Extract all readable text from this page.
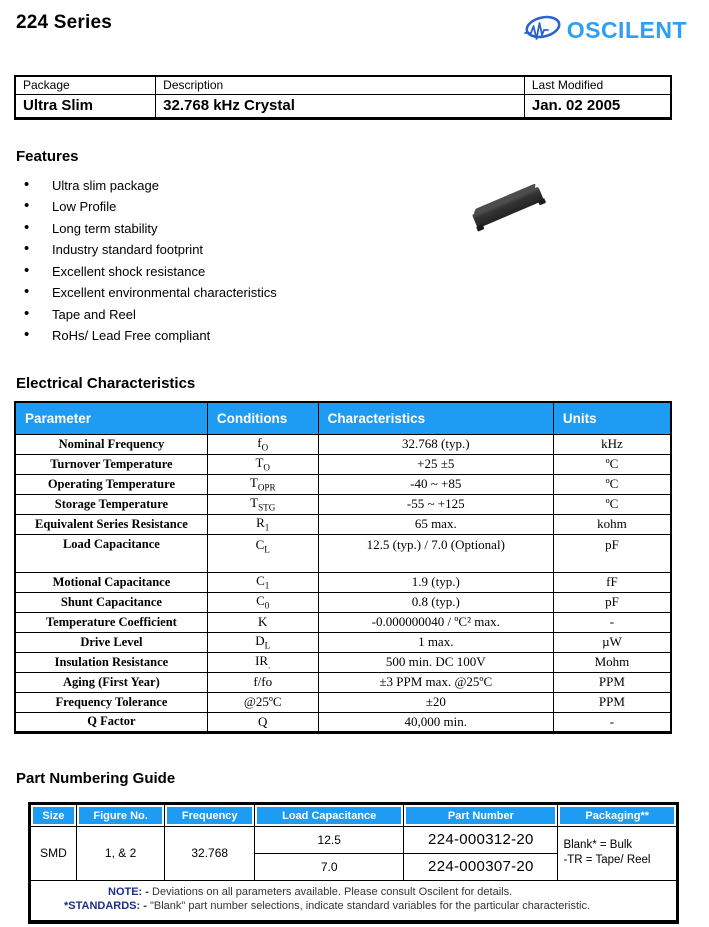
224 Series	OSCILENT
Package	Description	Last Modified
Ultra Slim	32.768 kHz Crystal	Jan. 02 2005
Features
• Ultra slim package
• Low Profile
• Long term stability
• Industry standard footprint
• Excellent shock resistance
• Excellent environmental characteristics
• Tape and Reel
• RoHs/ Lead Free compliant
Electrical Characteristics
Parameter	Conditions	Characteristics	Units
Nominal Frequency	$f_O$	32.768 (typ.)	kHz
Turnover Temperature	$T_O$	+25 ±5	ºC
Operating Temperature	$T_{OPR}$	-40 ~ +85	ºC
Storage Temperature	$T_{STG}$	-55 ~ +125	ºC
Equivalent Series Resistance	$R_1$	65 max.	kohm
Load Capacitance	$C_L$	12.5 (typ.) / 7.0 (Optional)	pF
Motional Capacitance	$C_1$	1.9 (typ.)	fF
Shunt Capacitance	$C_0$	0.8 (typ.)	pF
Temperature Coefficient	K	-0.000000040 / ºC² max.	-
Drive Level	$D_L$	1 max.	µW
Insulation Resistance	$IR_.$	500 min. DC 100V	Mohm
Aging (First Year)	f/fo	±3 PPM max. @25ºC	PPM
Frequency Tolerance	@25ºC	±20	PPM
Q Factor	Q	40,000 min.	-
Part Numbering Guide
Size	Figure No.	Frequency	Load Capacitance	Part Number	Packaging**

SMD	1, & 2	32.768	12.5	224-000312-20	Blank* = Bulk
-TR = Tape/ Reel

			7.0	224-000307-20	

NOTE: - Deviations on all parameters available. Please consult Oscilent for details.
*STANDARDS: - "Blank" part number selections, indicate standard variables for the particular characteristic.					
